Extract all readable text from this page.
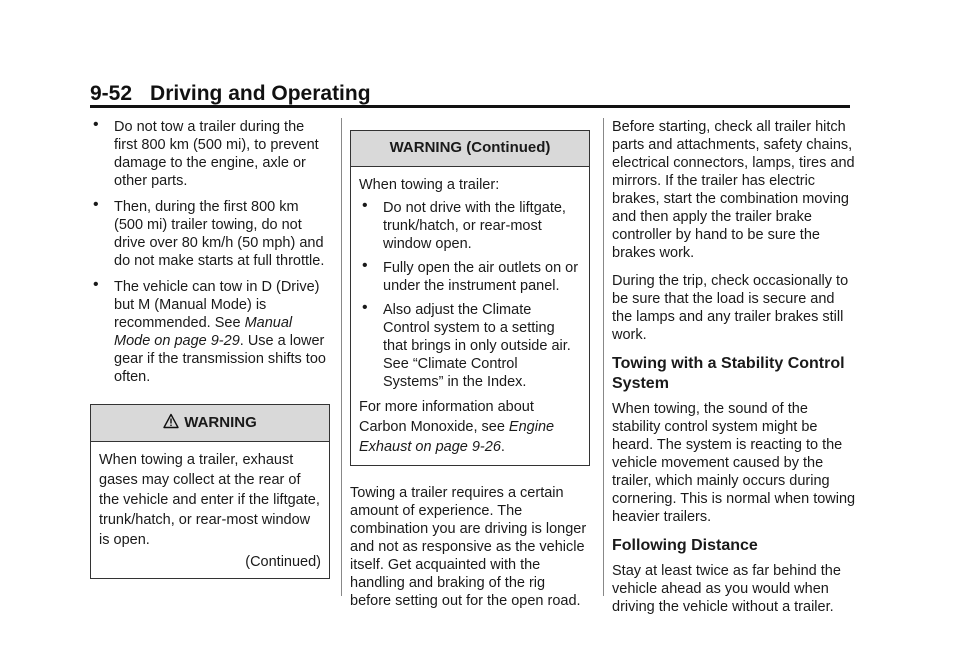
9-52 Driving and Operating
• Do not tow a trailer during the first 800 km (500 mi), to prevent damage to the engine, axle or other parts.
• Then, during the first 800 km (500 mi) trailer towing, do not drive over 80 km/h (50 mph) and do not make starts at full throttle.
• The vehicle can tow in D (Drive) but M (Manual Mode) is recommended. See Manual Mode on page 9-29. Use a lower gear if the transmission shifts too often.
WARNING
When towing a trailer, exhaust gases may collect at the rear of the vehicle and enter if the liftgate, trunk/hatch, or rear-most window is open.
(Continued)
WARNING (Continued)

When towing a trailer:

• Do not drive with the liftgate, trunk/hatch, or rear-most window open.
• Fully open the air outlets on or under the instrument panel.
• Also adjust the Climate Control system to a setting that brings in only outside air. See “Climate Control Systems” in the Index.

For more information about Carbon Monoxide, see Engine Exhaust on page 9-26.

Towing a trailer requires a certain amount of experience. The combination you are driving is longer and not as responsive as the vehicle itself. Get acquainted with the handling and braking of the rig before setting out for the open road.

Before starting, check all trailer hitch parts and attachments, safety chains, electrical connectors, lamps, tires and mirrors. If the trailer has electric brakes, start the combination moving and then apply the trailer brake controller by hand to be sure the brakes work.

During the trip, check occasionally to be sure that the load is secure and the lamps and any trailer brakes still work.

Towing with a Stability Control System

When towing, the sound of the stability control system might be heard. The system is reacting to the vehicle movement caused by the trailer, which mainly occurs during cornering. This is normal when towing heavier trailers.

Following Distance

Stay at least twice as far behind the vehicle ahead as you would when driving the vehicle without a trailer.
